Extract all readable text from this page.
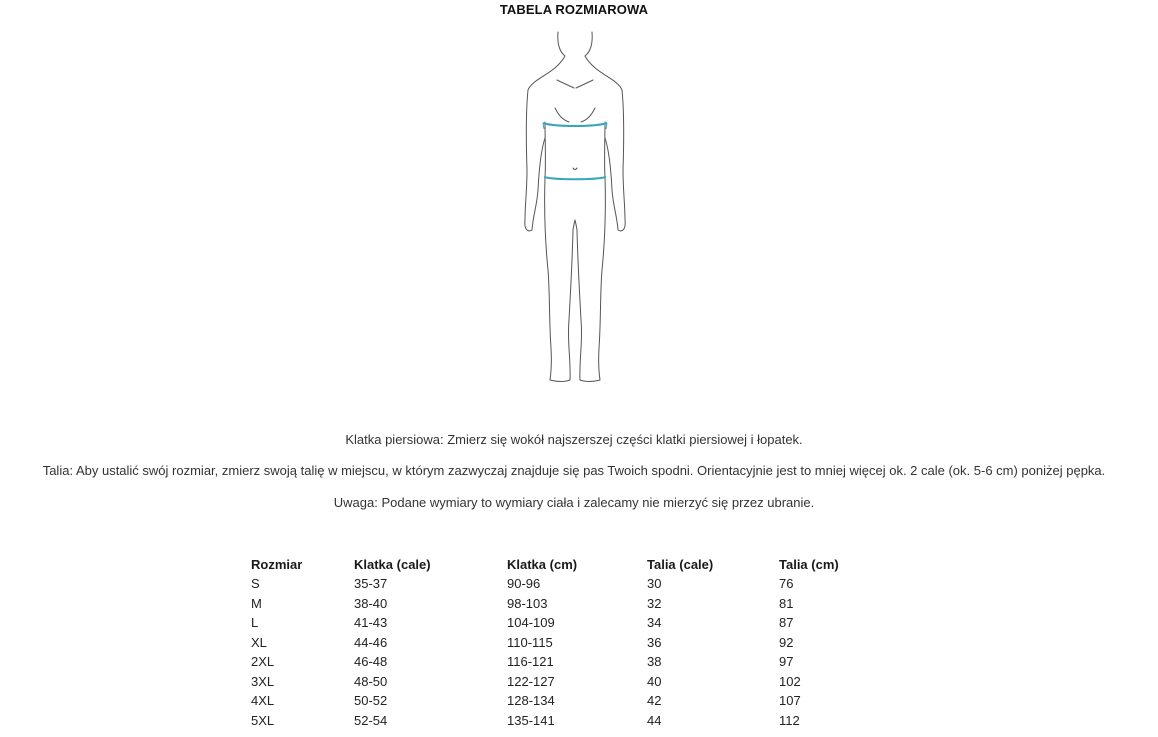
TABELA ROZMIAROWA

Klatka piersiowa: Zmierz się wokół najszerszej części klatki piersiowej i łopatek.

Talia: Aby ustalić swój rozmiar, zmierz swoją talię w miejscu, w którym zazwyczaj znajduje się pas Twoich spodni. Orientacyjnie jest to mniej więcej ok. 2 cale (ok. 5-6 cm) poniżej pępka.

Uwaga: Podane wymiary to wymiary ciała i zalecamy nie mierzyć się przez ubranie.

Rozmiar	Klatka (cale)	Klatka (cm)	Talia (cale)	Talia (cm)
S	35-37	90-96	30	76
M	38-40	98-103	32	81
L	41-43	104-109	34	87
XL	44-46	110-115	36	92
2XL	46-48	116-121	38	97
3XL	48-50	122-127	40	102
4XL	50-52	128-134	42	107
5XL	52-54	135-141	44	112
